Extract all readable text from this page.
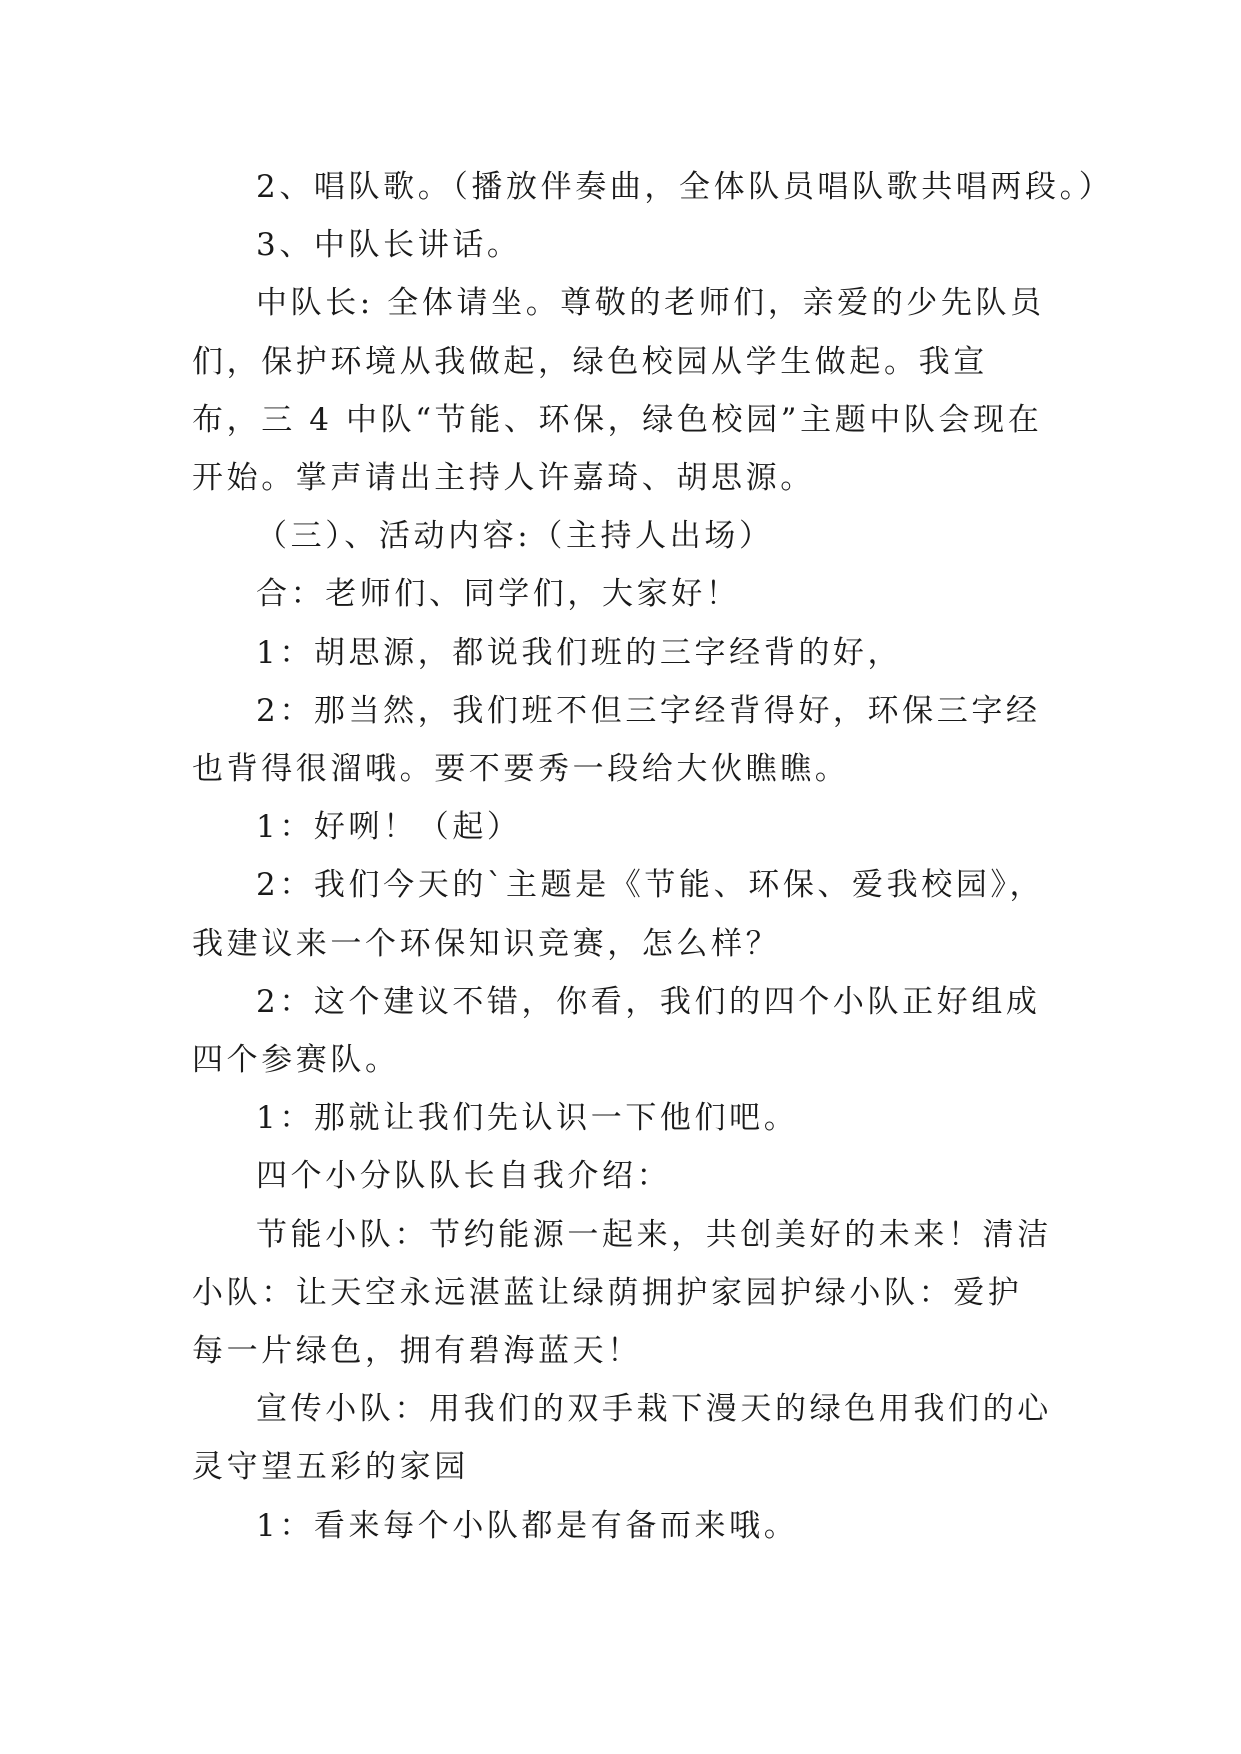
2、唱队歌。（播放伴奏曲，全体队员唱队歌共唱两段。）

3、中队长讲话。

中队长: 全体请坐。尊敬的老师们，亲爱的少先队员们，保护环境从我做起，绿色校园从学生做起。我宣布，三 4 中队“节能、环保，绿色校园”主题中队会现在开始。掌声请出主持人许嘉琦、胡思源。

（三）、活动内容:（主持人出场）

合：老师们、同学们，大家好！

1：胡思源，都说我们班的三字经背的好，

2：那当然，我们班不但三字经背得好，环保三字经也背得很溜哦。要不要秀一段给大伙瞧瞧。

1：好咧！（起）

2：我们今天的`主题是《节能、环保、爱我校园》，我建议来一个环保知识竞赛，怎么样？

2：这个建议不错，你看，我们的四个小队正好组成四个参赛队。

1：那就让我们先认识一下他们吧。

四个小分队队长自我介绍：

节能小队：节约能源一起来，共创美好的未来！清洁小队：让天空永远湛蓝让绿荫拥护家园护绿小队：爱护每一片绿色，拥有碧海蓝天！

宣传小队：用我们的双手栽下漫天的绿色用我们的心灵守望五彩的家园

1：看来每个小队都是有备而来哦。
